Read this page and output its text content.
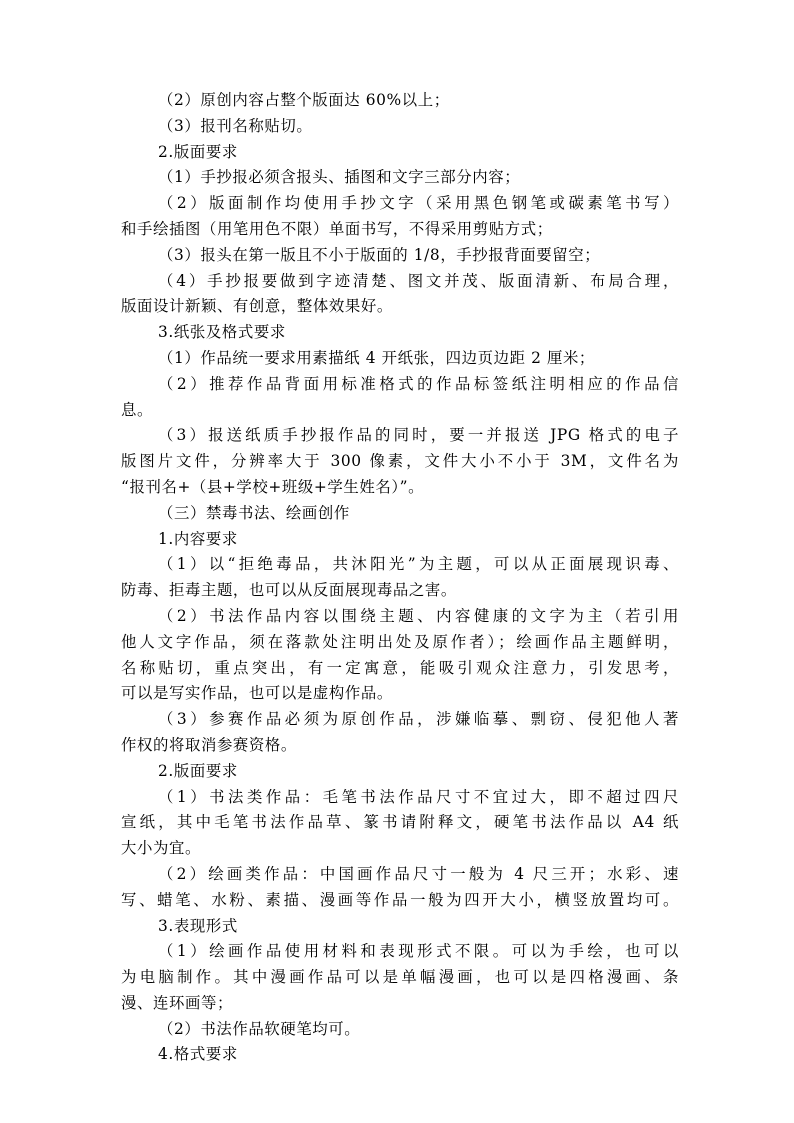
（2）原创内容占整个版面达 60%以上；
（3）报刊名称贴切。
2.版面要求
（1）手抄报必须含报头、插图和文字三部分内容；
（2）版面制作均使用手抄文字（采用黑色钢笔或碳素笔书写）
和手绘插图（用笔用色不限）单面书写，不得采用剪贴方式；
（3）报头在第一版且不小于版面的 1/8，手抄报背面要留空；
（4）手抄报要做到字迹清楚、图文并茂、版面清新、布局合理，
版面设计新颖、有创意，整体效果好。
3.纸张及格式要求
（1）作品统一要求用素描纸 4 开纸张，四边页边距 2 厘米；
（2）推荐作品背面用标准格式的作品标签纸注明相应的作品信
息。
（3）报送纸质手抄报作品的同时，要一并报送 JPG 格式的电子
版图片文件，分辨率大于 300 像素，文件大小不小于 3M，文件名为
“报刊名+（县+学校+班级+学生姓名）”。
（三）禁毒书法、绘画创作
1.内容要求
（1）以“拒绝毒品，共沐阳光”为主题，可以从正面展现识毒、
防毒、拒毒主题，也可以从反面展现毒品之害。
（2）书法作品内容以围绕主题、内容健康的文字为主（若引用
他人文字作品，须在落款处注明出处及原作者）；绘画作品主题鲜明，
名称贴切，重点突出，有一定寓意，能吸引观众注意力，引发思考，
可以是写实作品，也可以是虚构作品。
（3）参赛作品必须为原创作品，涉嫌临摹、剽窃、侵犯他人著
作权的将取消参赛资格。
2.版面要求
（1）书法类作品：毛笔书法作品尺寸不宜过大，即不超过四尺
宣纸，其中毛笔书法作品草、篆书请附释文，硬笔书法作品以 A4 纸
大小为宜。
（2）绘画类作品：中国画作品尺寸一般为 4 尺三开；水彩、速
写、蜡笔、水粉、素描、漫画等作品一般为四开大小，横竖放置均可。
3.表现形式
（1）绘画作品使用材料和表现形式不限。可以为手绘，也可以
为电脑制作。其中漫画作品可以是单幅漫画，也可以是四格漫画、条
漫、连环画等；
（2）书法作品软硬笔均可。
4.格式要求
